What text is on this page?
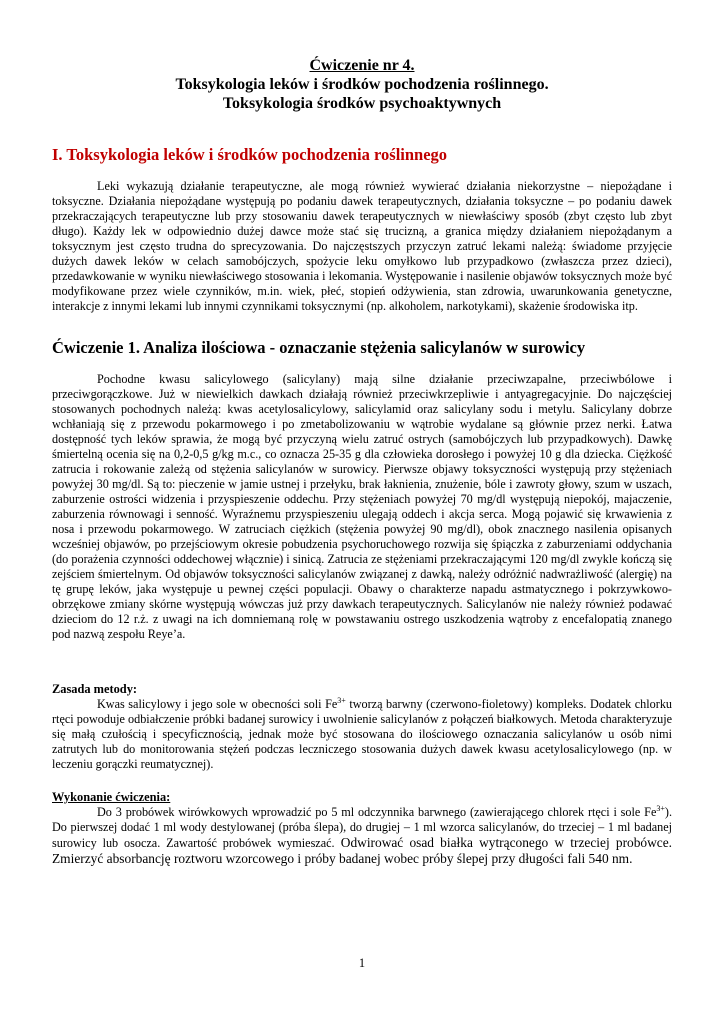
Ćwiczenie nr 4.
Toksykologia leków i środków pochodzenia roślinnego.
Toksykologia środków psychoaktywnych
I. Toksykologia leków i środków pochodzenia roślinnego

Leki wykazują działanie terapeutyczne, ale mogą również wywierać działania niekorzystne – niepożądane i toksyczne. Działania niepożądane występują po podaniu dawek terapeutycznych, działania toksyczne – po podaniu dawek przekraczających terapeutyczne lub przy stosowaniu dawek terapeutycznych w niewłaściwy sposób (zbyt często lub zbyt długo). Każdy lek w odpowiednio dużej dawce może stać się trucizną, a granica między działaniem niepożądanym a toksycznym jest często trudna do sprecyzowania. Do najczęstszych przyczyn zatruć lekami należą: świadome przyjęcie dużych dawek leków w celach samobójczych, spożycie leku omyłkowo lub przypadkowo (zwłaszcza przez dzieci), przedawkowanie w wyniku niewłaściwego stosowania i lekomania. Występowanie i nasilenie objawów toksycznych może być modyfikowane przez wiele czynników, m.in. wiek, płeć, stopień odżywienia, stan zdrowia, uwarunkowania genetyczne, interakcje z innymi lekami lub innymi czynnikami toksycznymi (np. alkoholem, narkotykami), skażenie środowiska itp.

Ćwiczenie 1. Analiza ilościowa - oznaczanie stężenia salicylanów w surowicy

Pochodne kwasu salicylowego (salicylany) mają silne działanie przeciwzapalne, przeciwbólowe i przeciwgorączkowe. Już w niewielkich dawkach działają również przeciwkrzepliwie i antyagregacyjnie. Do najczęściej stosowanych pochodnych należą: kwas acetylosalicylowy, salicylamid oraz salicylany sodu i metylu. Salicylany dobrze wchłaniają się z przewodu pokarmowego i po zmetabolizowaniu w wątrobie wydalane są głównie przez nerki. Łatwa dostępność tych leków sprawia, że mogą być przyczyną wielu zatruć ostrych (samobójczych lub przypadkowych). Dawkę śmiertelną ocenia się na 0,2-0,5 g/kg m.c., co oznacza 25-35 g dla człowieka dorosłego i powyżej 10 g dla dziecka. Ciężkość zatrucia i rokowanie zależą od stężenia salicylanów w surowicy. Pierwsze objawy toksyczności występują przy stężeniach powyżej 30 mg/dl. Są to: pieczenie w jamie ustnej i przełyku, brak łaknienia, znużenie, bóle i zawroty głowy, szum w uszach, zaburzenie ostrości widzenia i przyspieszenie oddechu. Przy stężeniach powyżej 70 mg/dl występują niepokój, majaczenie, zaburzenia równowagi i senność. Wyraźnemu przyspieszeniu ulegają oddech i akcja serca. Mogą pojawić się krwawienia z nosa i przewodu pokarmowego. W zatruciach ciężkich (stężenia powyżej 90 mg/dl), obok znacznego nasilenia opisanych wcześniej objawów, po przejściowym okresie pobudzenia psychoruchowego rozwija się śpiączka z zaburzeniami oddychania (do porażenia czynności oddechowej włącznie) i sinicą. Zatrucia ze stężeniami przekraczającymi 120 mg/dl zwykle kończą się zejściem śmiertelnym. Od objawów toksyczności salicylanów związanej z dawką, należy odróżnić nadwrażliwość (alergię) na tę grupę leków, jaka występuje u pewnej części populacji. Obawy o charakterze napadu astmatycznego i pokrzywkowo-obrzękowe zmiany skórne występują wówczas już przy dawkach terapeutycznych. Salicylanów nie należy również podawać dzieciom do 12 r.ż. z uwagi na ich domniemaną rolę w powstawaniu ostrego uszkodzenia wątroby z encefalopatią znanego pod nazwą zespołu Reye’a.

Zasada metody:

Kwas salicylowy i jego sole w obecności soli $Fe^{3+}$ tworzą barwny (czerwono-fioletowy) kompleks. Dodatek chlorku rtęci powoduje odbiałczenie próbki badanej surowicy i uwolnienie salicylanów z połączeń białkowych. Metoda charakteryzuje się małą czułością i specyficznością, jednak może być stosowana do ilościowego oznaczania salicylanów u osób nimi zatrutych lub do monitorowania stężeń podczas leczniczego stosowania dużych dawek kwasu acetylosalicylowego (np. w leczeniu gorączki reumatycznej).

Wykonanie ćwiczenia:

Do 3 probówek wirówkowych wprowadzić po 5 ml odczynnika barwnego (zawierającego chlorek rtęci i sole $Fe^{3+}$). Do pierwszej dodać 1 ml wody destylowanej (próba ślepa), do drugiej – 1 ml wzorca salicylanów, do trzeciej – 1 ml badanej surowicy lub osocza. Zawartość probówek wymieszać. Odwirować osad białka wytrąconego w trzeciej probówce. Zmierzyć absorbancję roztworu wzorcowego i próby badanej wobec próby ślepej przy długości fali 540 nm.

1
